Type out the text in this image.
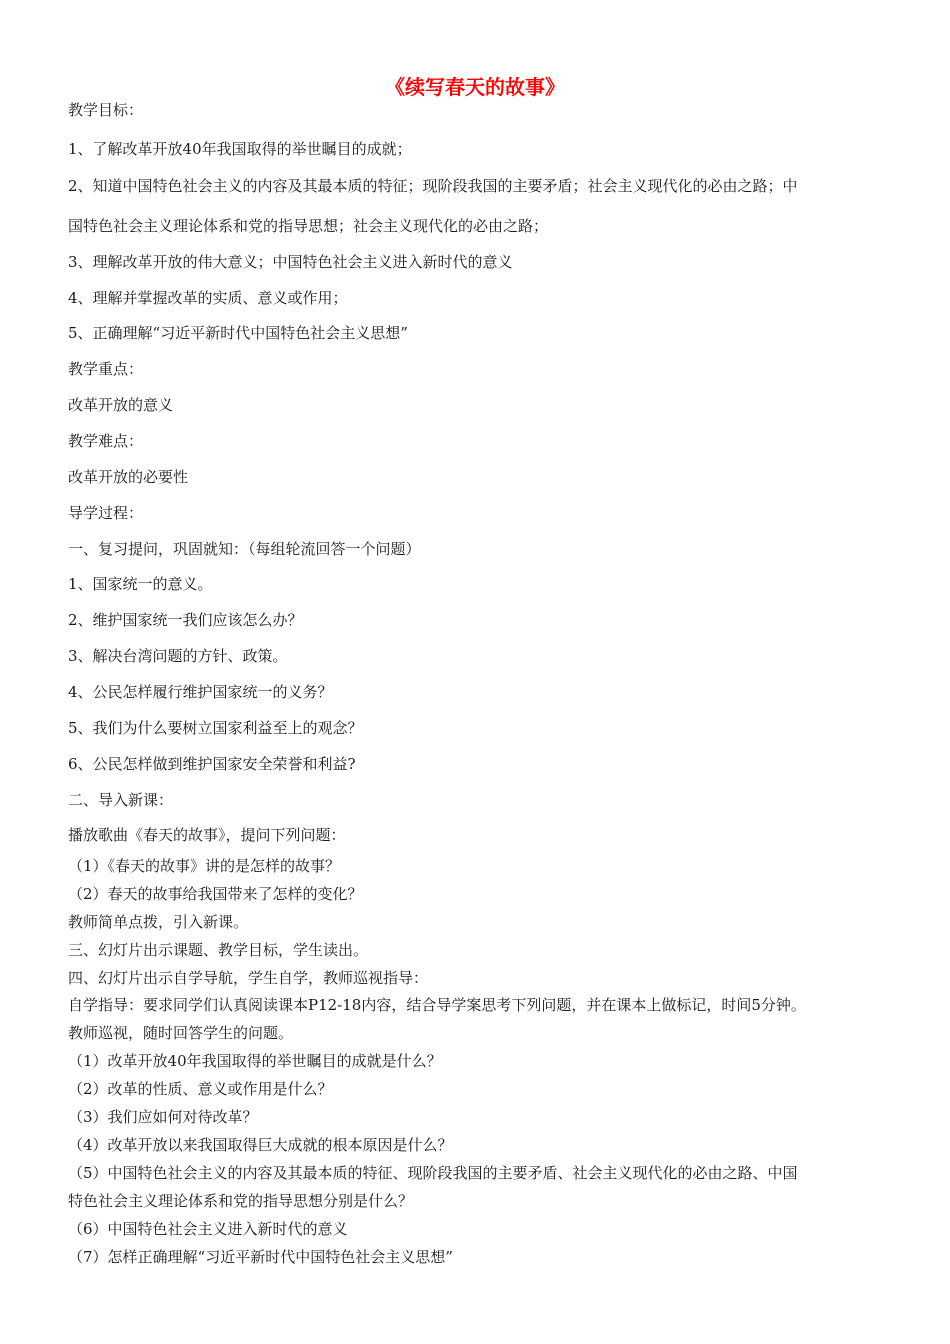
《续写春天的故事》
教学目标：
1、了解改革开放40年我国取得的举世瞩目的成就；
2、知道中国特色社会主义的内容及其最本质的特征；现阶段我国的主要矛盾；社会主义现代化的必由之路；中
国特色社会主义理论体系和党的指导思想；社会主义现代化的必由之路；
3、理解改革开放的伟大意义；中国特色社会主义进入新时代的意义
4、理解并掌握改革的实质、意义或作用；
5、正确理解“习近平新时代中国特色社会主义思想”
教学重点：
改革开放的意义
教学难点：
改革开放的必要性
导学过程：
一、复习提问，巩固就知：（每组轮流回答一个问题）
1、国家统一的意义。
2、维护国家统一我们应该怎么办？
3、解决台湾问题的方针、政策。
4、公民怎样履行维护国家统一的义务？
5、我们为什么要树立国家利益至上的观念？
6、公民怎样做到维护国家安全荣誉和利益?
二、导入新课：
播放歌曲《春天的故事》，提问下列问题：
（1）《春天的故事》讲的是怎样的故事？
（2）春天的故事给我国带来了怎样的变化？
教师简单点拨，引入新课。
三、幻灯片出示课题、教学目标，学生读出。
四、幻灯片出示自学导航，学生自学，教师巡视指导：
自学指导：要求同学们认真阅读课本P12-18内容，结合导学案思考下列问题，并在课本上做标记，时间5分钟。
教师巡视，随时回答学生的问题。
（1）改革开放40年我国取得的举世瞩目的成就是什么？
（2）改革的性质、意义或作用是什么？
（3）我们应如何对待改革？
（4）改革开放以来我国取得巨大成就的根本原因是什么？
（5）中国特色社会主义的内容及其最本质的特征、现阶段我国的主要矛盾、社会主义现代化的必由之路、中国
特色社会主义理论体系和党的指导思想分别是什么？
（6）中国特色社会主义进入新时代的意义
（7）怎样正确理解“习近平新时代中国特色社会主义思想”
